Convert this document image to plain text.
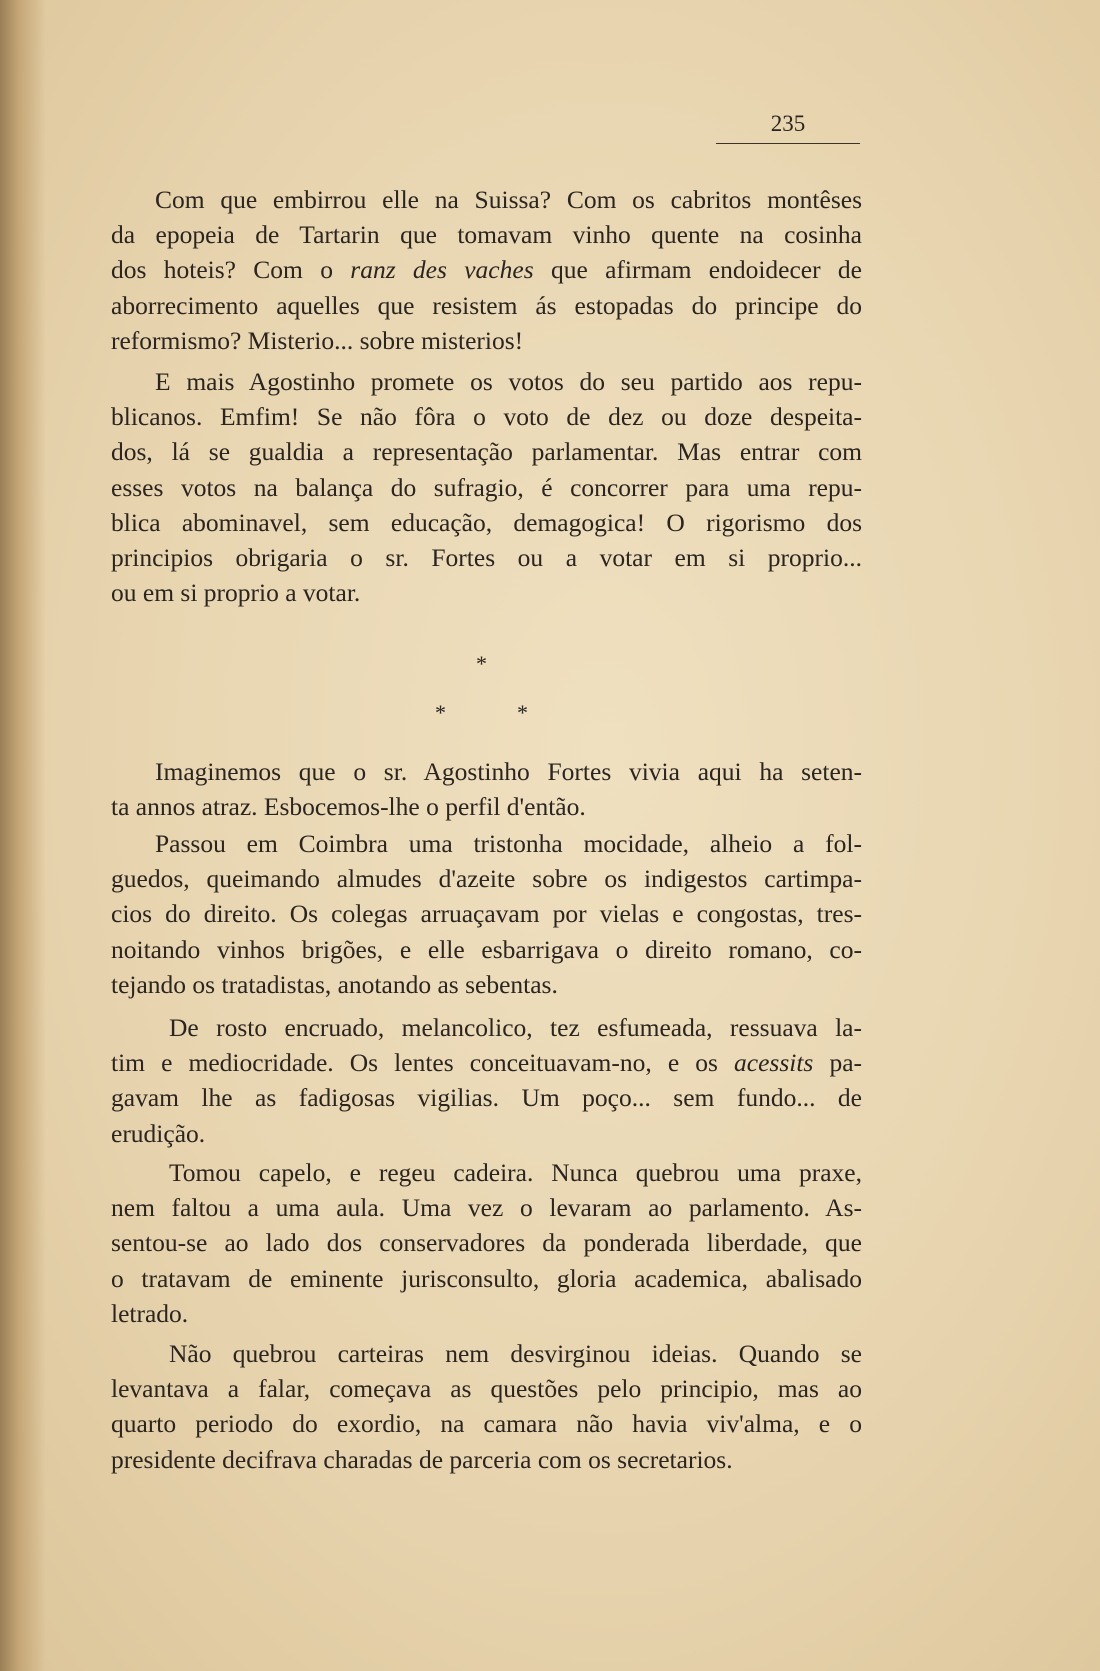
235
Com que embirrou elle na Suissa? Com os cabritos montêses
da epopeia de Tartarin que tomavam vinho quente na cosinha
dos hoteis? Com o ranz des vaches que afirmam endoidecer de
aborrecimento aquelles que resistem ás estopadas do principe do
reformismo? Misterio... sobre misterios!
E mais Agostinho promete os votos do seu partido aos repu-
blicanos. Emfim! Se não fôra o voto de dez ou doze despeita-
dos, lá se gualdia a representação parlamentar. Mas entrar com
esses votos na balança do sufragio, é concorrer para uma repu-
blica abominavel, sem educação, demagogica! O rigorismo dos
principios obrigaria o sr. Fortes ou a votar em si proprio...
ou em si proprio a votar.
*
*	*
Imaginemos que o sr. Agostinho Fortes vivia aqui ha seten-
ta annos atraz. Esbocemos-lhe o perfil d'então.
Passou em Coimbra uma tristonha mocidade, alheio a fol-
guedos, queimando almudes d'azeite sobre os indigestos cartimpa-
cios do direito. Os colegas arruaçavam por vielas e congostas, tres-
noitando vinhos brigões, e elle esbarrigava o direito romano, co-
tejando os tratadistas, anotando as sebentas.
De rosto encruado, melancolico, tez esfumeada, ressuava la-
tim e mediocridade. Os lentes conceituavam-no, e os acessits pa-
gavam lhe as fadigosas vigilias. Um poço... sem fundo... de
erudição.
Tomou capelo, e regeu cadeira. Nunca quebrou uma praxe,
nem faltou a uma aula. Uma vez o levaram ao parlamento. As-
sentou-se ao lado dos conservadores da ponderada liberdade, que
o tratavam de eminente jurisconsulto, gloria academica, abalisado
letrado.
Não quebrou carteiras nem desvirginou ideias. Quando se
levantava a falar, começava as questões pelo principio, mas ao
quarto periodo do exordio, na camara não havia viv'alma, e o
presidente decifrava charadas de parceria com os secretarios.
